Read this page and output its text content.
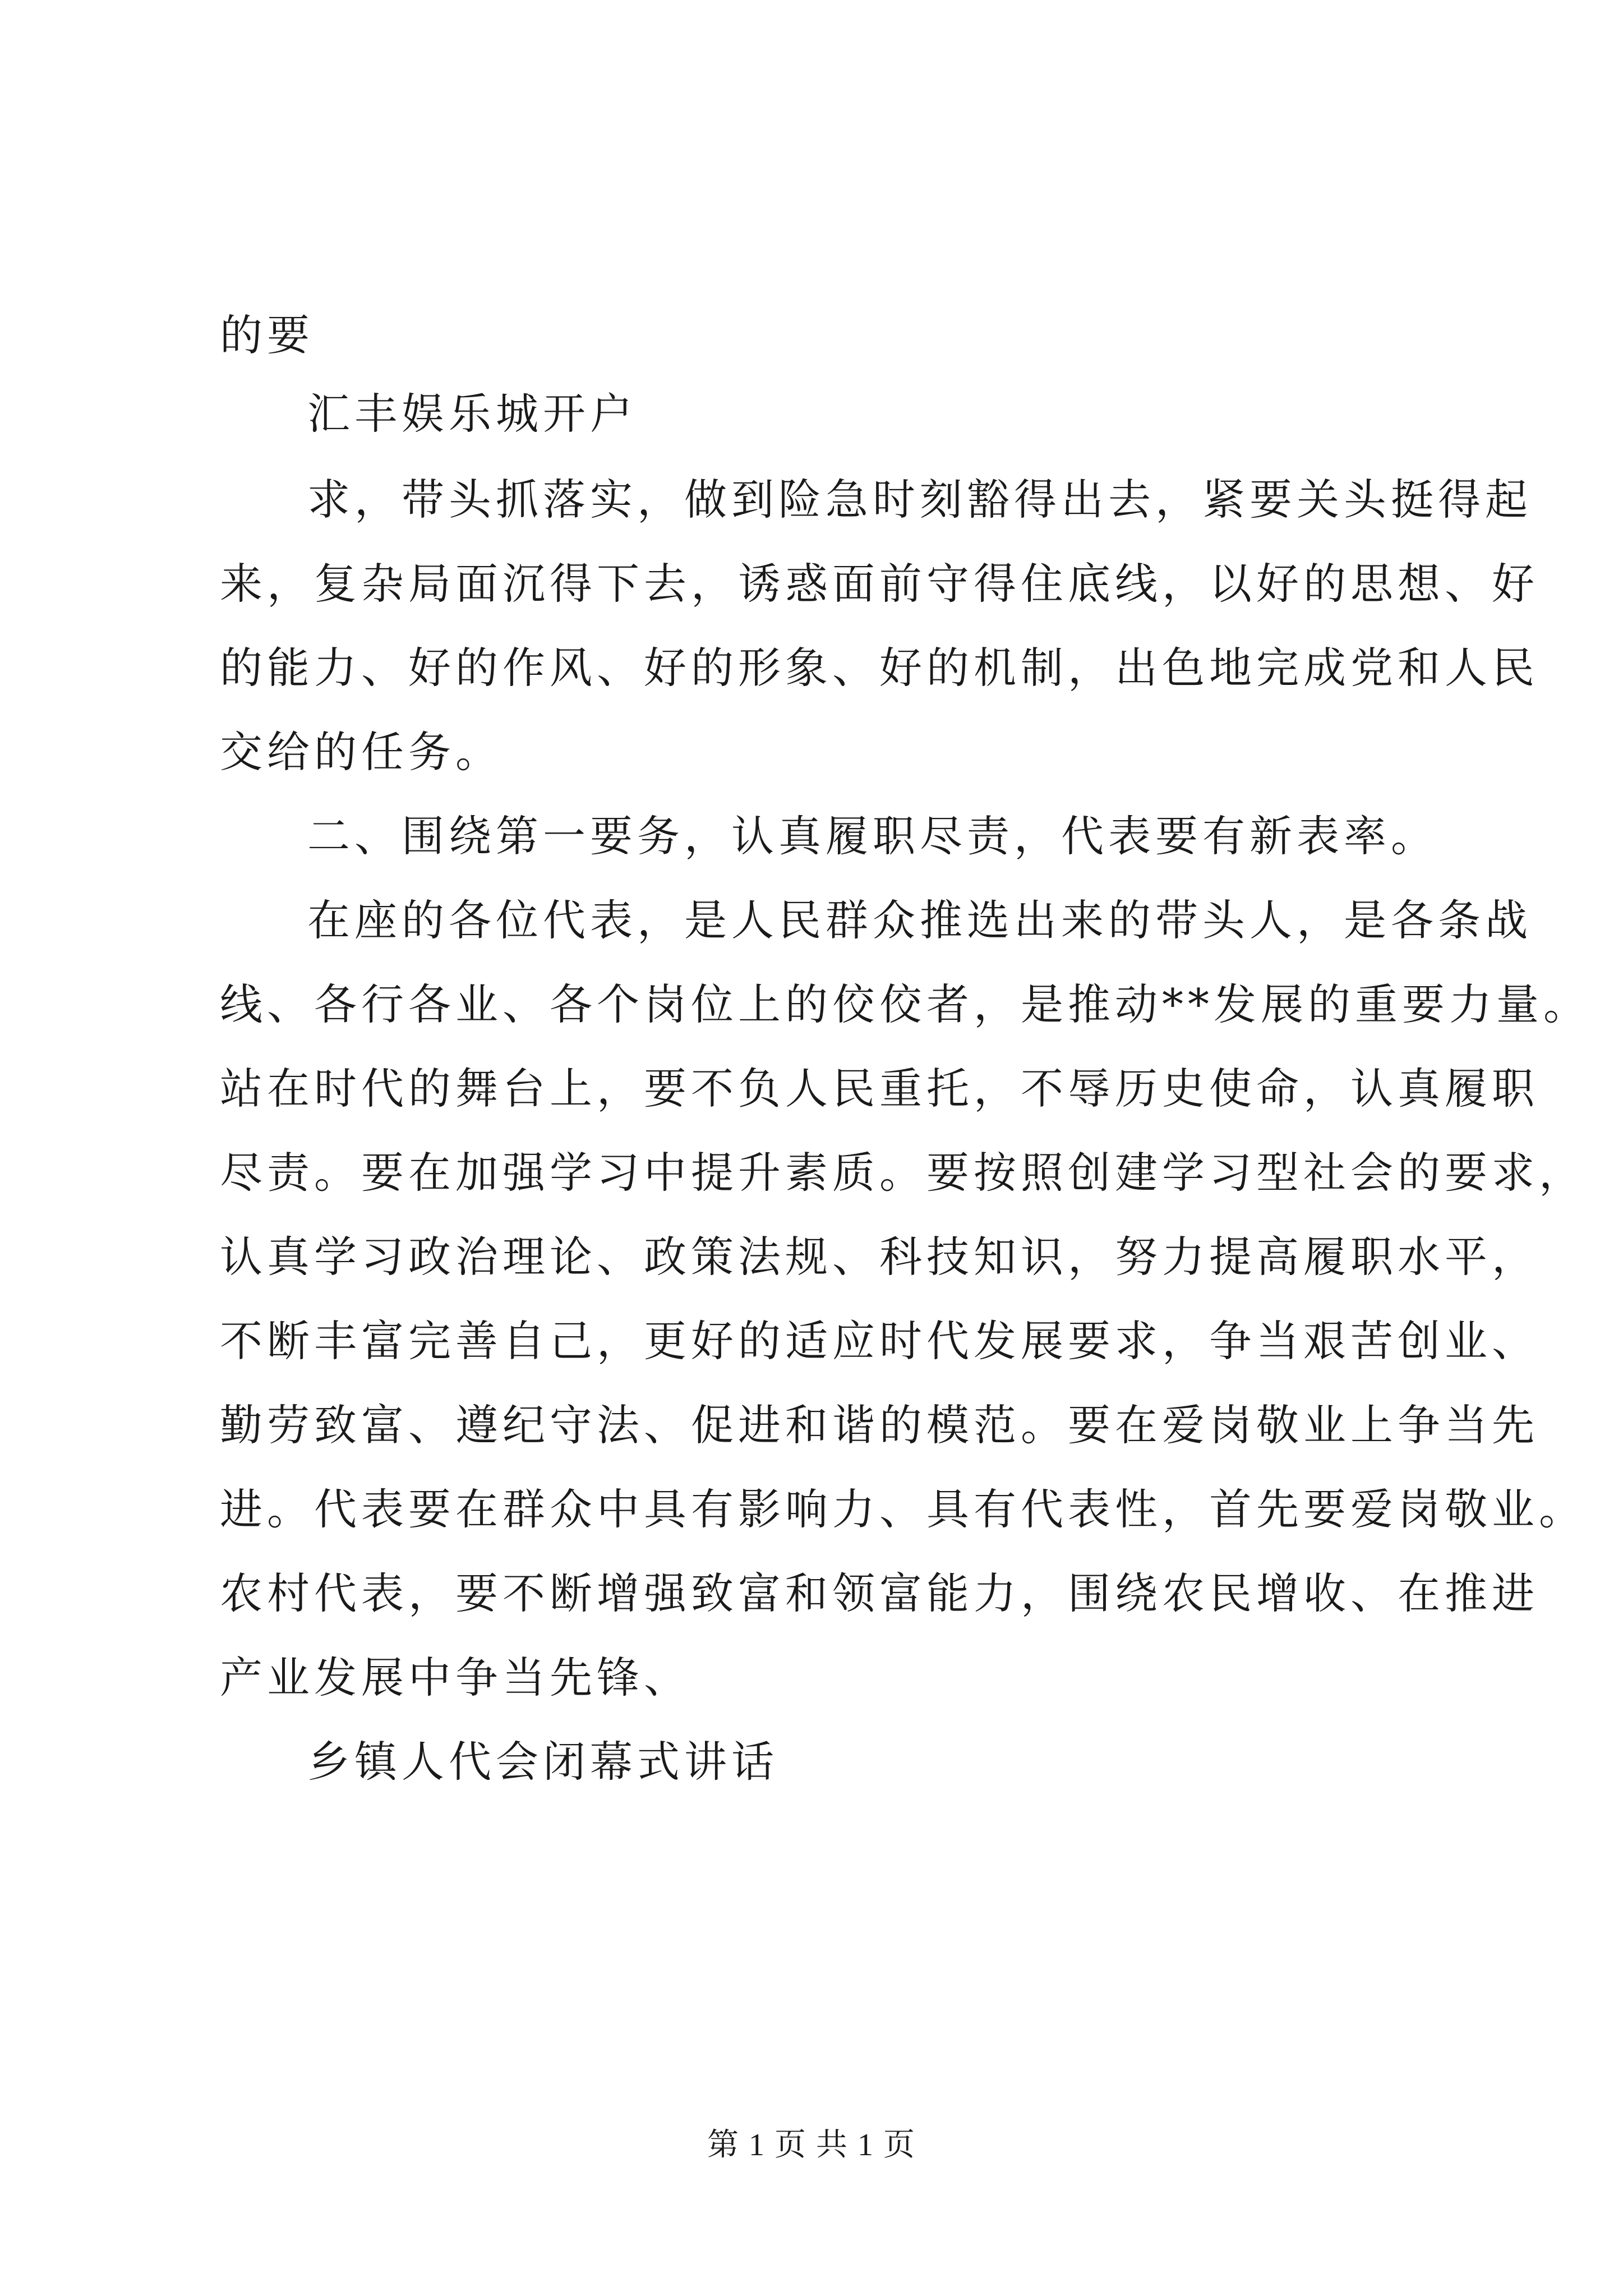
的要

汇丰娱乐城开户

求，带头抓落实，做到险急时刻豁得出去，紧要关头挺得起

来，复杂局面沉得下去，诱惑面前守得住底线，以好的思想、好

的能力、好的作风、好的形象、好的机制，出色地完成党和人民

交给的任务。

二、围绕第一要务，认真履职尽责，代表要有新表率。

在座的各位代表，是人民群众推选出来的带头人，是各条战

线、各行各业、各个岗位上的佼佼者，是推动**发展的重要力量。

站在时代的舞台上，要不负人民重托，不辱历史使命，认真履职

尽责。要在加强学习中提升素质。要按照创建学习型社会的要求，

认真学习政治理论、政策法规、科技知识，努力提高履职水平，

不断丰富完善自己，更好的适应时代发展要求，争当艰苦创业、

勤劳致富、遵纪守法、促进和谐的模范。要在爱岗敬业上争当先

进。代表要在群众中具有影响力、具有代表性，首先要爱岗敬业。

农村代表，要不断增强致富和领富能力，围绕农民增收、在推进

产业发展中争当先锋、

乡镇人代会闭幕式讲话

第 1 页 共 1 页
